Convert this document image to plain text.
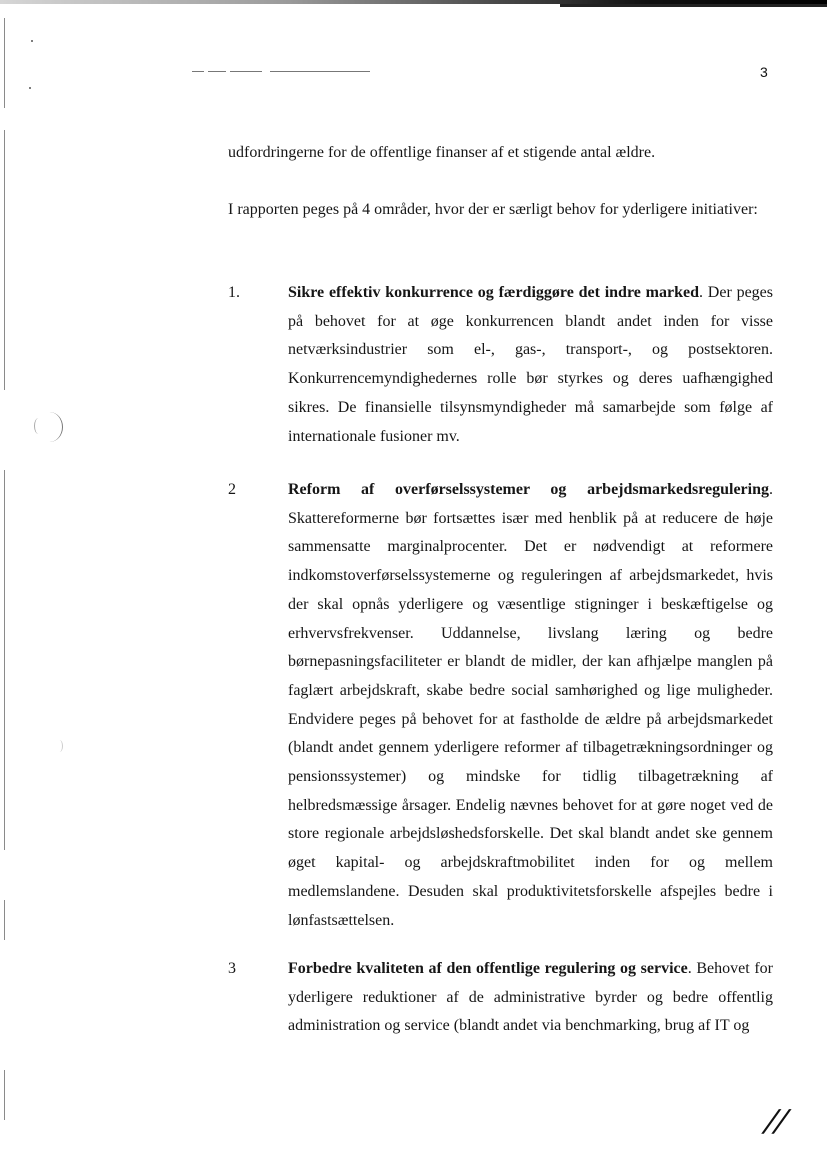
3

udfordringerne for de offentlige finanser af et stigende antal ældre.

I rapporten peges på 4 områder, hvor der er særligt behov for yderligere initiativer:

1.	Sikre effektiv konkurrence og færdiggøre det indre marked. Der peges på behovet for at øge konkurrencen blandt andet inden for visse netværksindustrier som el-, gas-, transport-, og postsektoren. Konkurrencemyndighedernes rolle bør styrkes og deres uafhængighed sikres. De finansielle tilsynsmyndigheder må samarbejde som følge af internationale fusioner mv.

2	Reform af overførselssystemer og arbejdsmarkedsregulering. Skattereformerne bør fortsættes især med henblik på at reducere de høje sammensatte marginalprocenter. Det er nødvendigt at reformere indkomstoverførselssystemerne og reguleringen af arbejdsmarkedet, hvis der skal opnås yderligere og væsentlige stigninger i beskæftigelse og erhvervsfrekvenser. Uddannelse, livslang læring og bedre børnepasningsfaciliteter er blandt de midler, der kan afhjælpe manglen på faglært arbejdskraft, skabe bedre social samhørighed og lige muligheder. Endvidere peges på behovet for at fastholde de ældre på arbejdsmarkedet (blandt andet gennem yderligere reformer af tilbagetrækningsordninger og pensionssystemer) og mindske for tidlig tilbagetrækning af helbredsmæssige årsager. Endelig nævnes behovet for at gøre noget ved de store regionale arbejdsløshedsforskelle. Det skal blandt andet ske gennem øget kapital- og arbejdskraftmobilitet inden for og mellem medlemslandene. Desuden skal produktivitetsforskelle afspejles bedre i lønfastsættelsen.

3	Forbedre kvaliteten af den offentlige regulering og service. Behovet for yderligere reduktioner af de administrative byrder og bedre offentlig administration og service (blandt andet via benchmarking, brug af IT og

//
